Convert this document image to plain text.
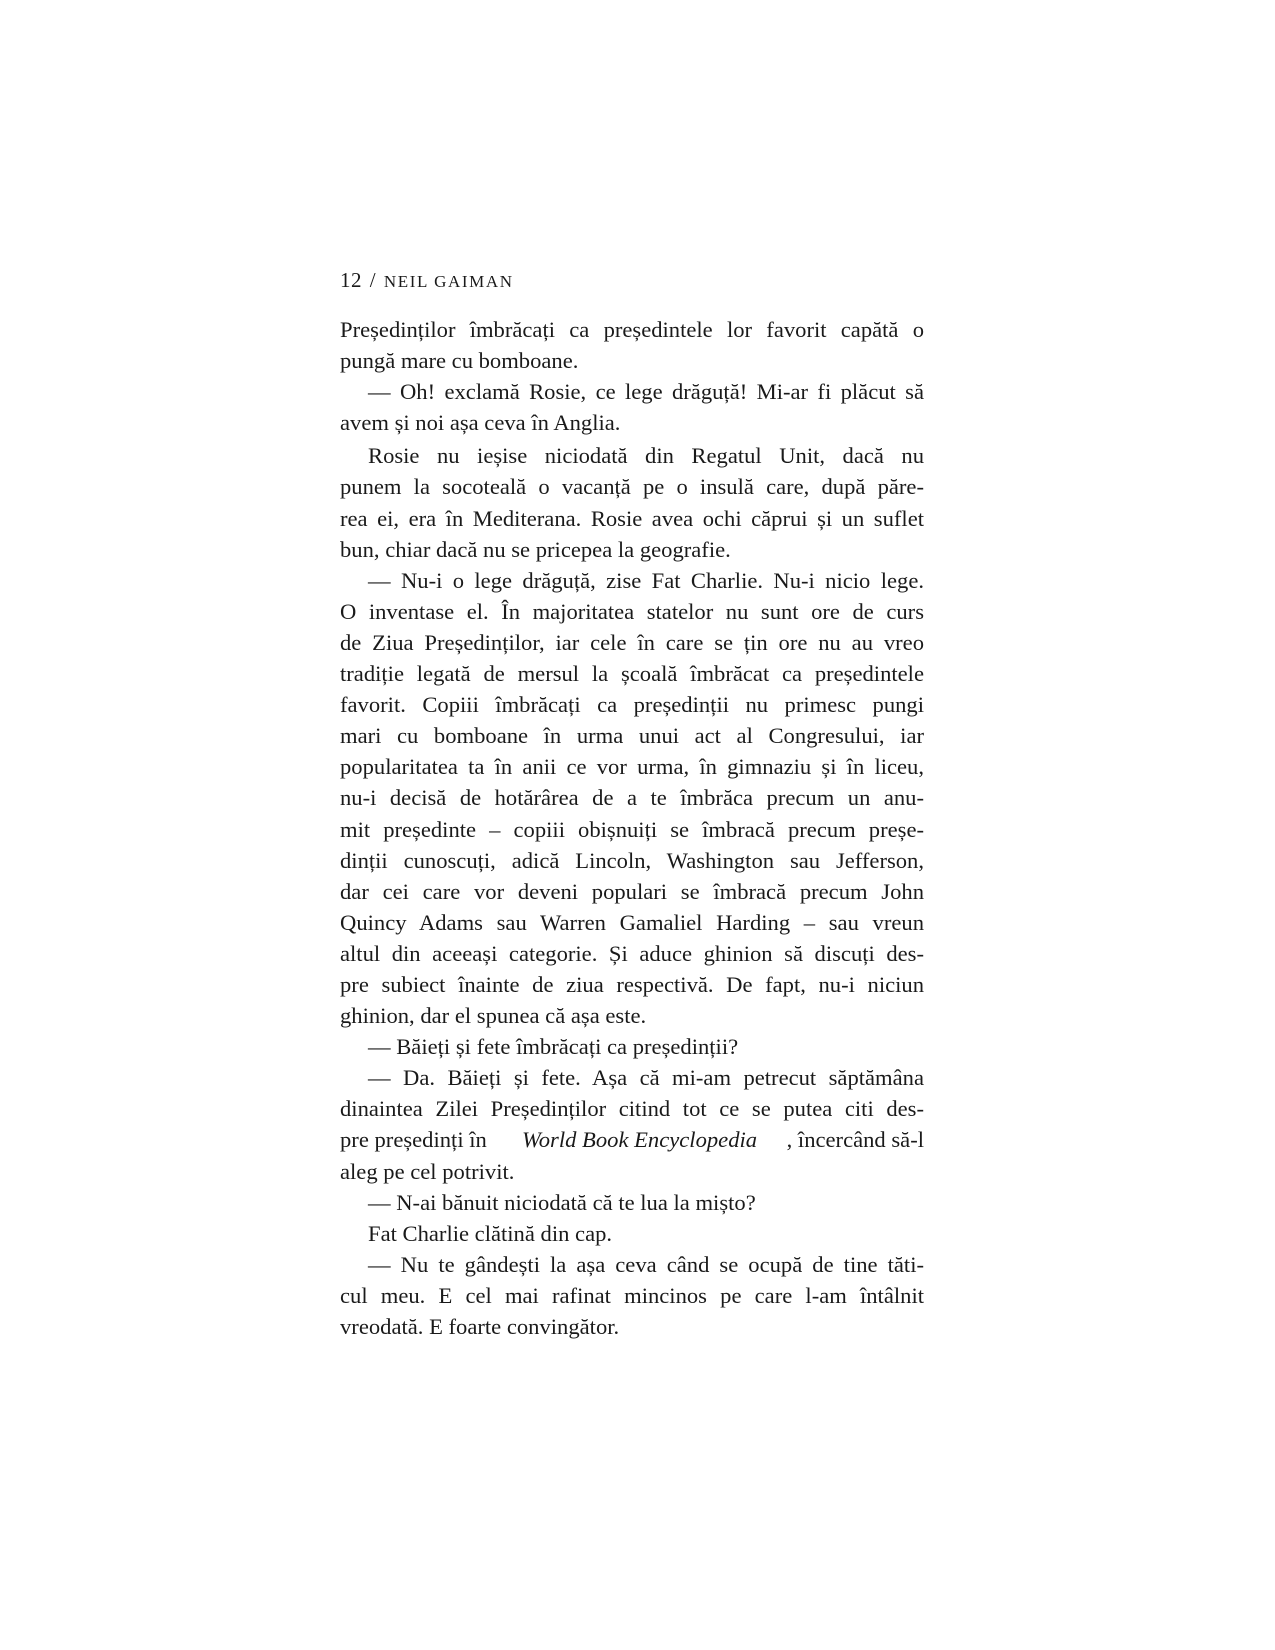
12 / NEIL GAIMAN
Președinților îmbrăcați ca președintele lor favorit capătă o
pungă mare cu bomboane.
— Oh! exclamă Rosie, ce lege drăguță! Mi-ar fi plăcut să
avem și noi așa ceva în Anglia.
Rosie nu ieșise niciodată din Regatul Unit, dacă nu
punem la socoteală o vacanță pe o insulă care, după păre-
rea ei, era în Mediterana. Rosie avea ochi căprui și un suflet
bun, chiar dacă nu se pricepea la geografie.
— Nu-i o lege drăguță, zise Fat Charlie. Nu-i nicio lege.
O inventase el. În majoritatea statelor nu sunt ore de curs
de Ziua Președinților, iar cele în care se țin ore nu au vreo
tradiție legată de mersul la școală îmbrăcat ca președintele
favorit. Copiii îmbrăcați ca președinții nu primesc pungi
mari cu bomboane în urma unui act al Congresului, iar
popularitatea ta în anii ce vor urma, în gimnaziu și în liceu,
nu-i decisă de hotărârea de a te îmbrăca precum un anu-
mit președinte – copiii obișnuiți se îmbracă precum preșe-
dinții cunoscuți, adică Lincoln, Washington sau Jefferson,
dar cei care vor deveni populari se îmbracă precum John
Quincy Adams sau Warren Gamaliel Harding – sau vreun
altul din aceeași categorie. Și aduce ghinion să discuți des-
pre subiect înainte de ziua respectivă. De fapt, nu-i niciun
ghinion, dar el spunea că așa este.
— Băieți și fete îmbrăcați ca președinții?
— Da. Băieți și fete. Așa că mi-am petrecut săptămâna
dinaintea Zilei Președinților citind tot ce se putea citi des-
pre președinți în World Book Encyclopedia , încercând să-l
aleg pe cel potrivit.
— N-ai bănuit niciodată că te lua la mișto?
Fat Charlie clătină din cap.
— Nu te gândești la așa ceva când se ocupă de tine tăti-
cul meu. E cel mai rafinat mincinos pe care l-am întâlnit
vreodată. E foarte convingător.
